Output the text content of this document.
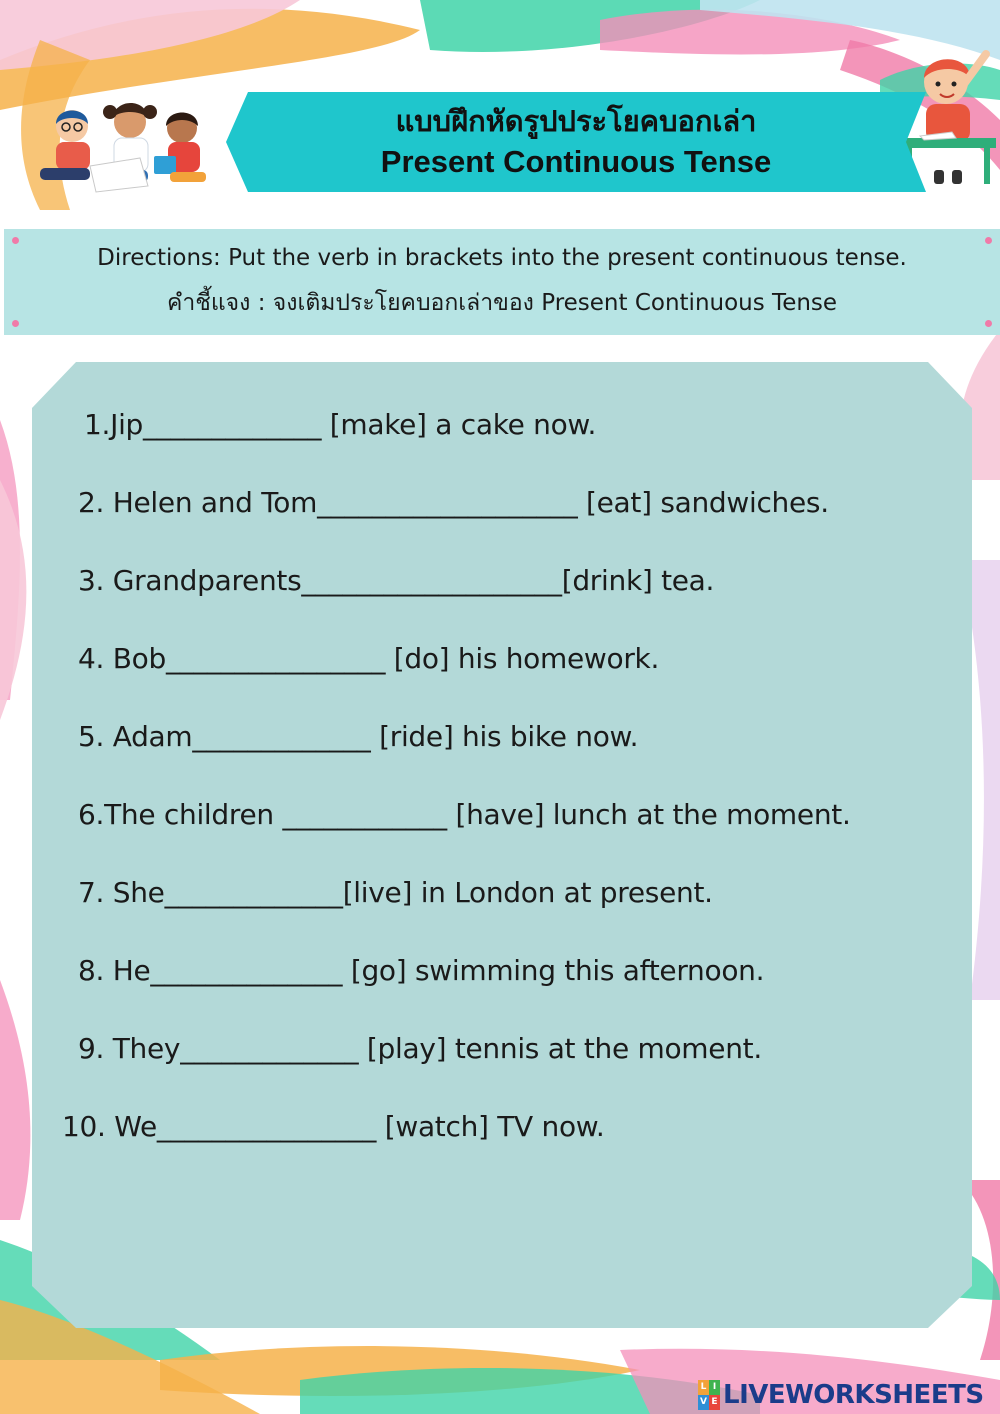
แบบฝึกหัดรูปประโยคบอกเล่า
Present Continuous Tense
Directions: Put the verb in brackets into the present continuous tense.
คำชี้แจง : จงเติมประโยคบอกเล่าของ Present Continuous Tense
1.Jip_____________ [make] a cake now.
2. Helen and Tom___________________ [eat] sandwiches.
3. Grandparents___________________[drink] tea.
4. Bob________________ [do] his homework.
5. Adam_____________ [ride] his bike now.
6.The children ____________ [have] lunch at the moment.
7. She_____________[live] in London at present.
8. He______________ [go] swimming this afternoon.
9. They_____________ [play] tennis at the moment.
10. We________________ [watch] TV now.
L I
V E LIVEWORKSHEETS
